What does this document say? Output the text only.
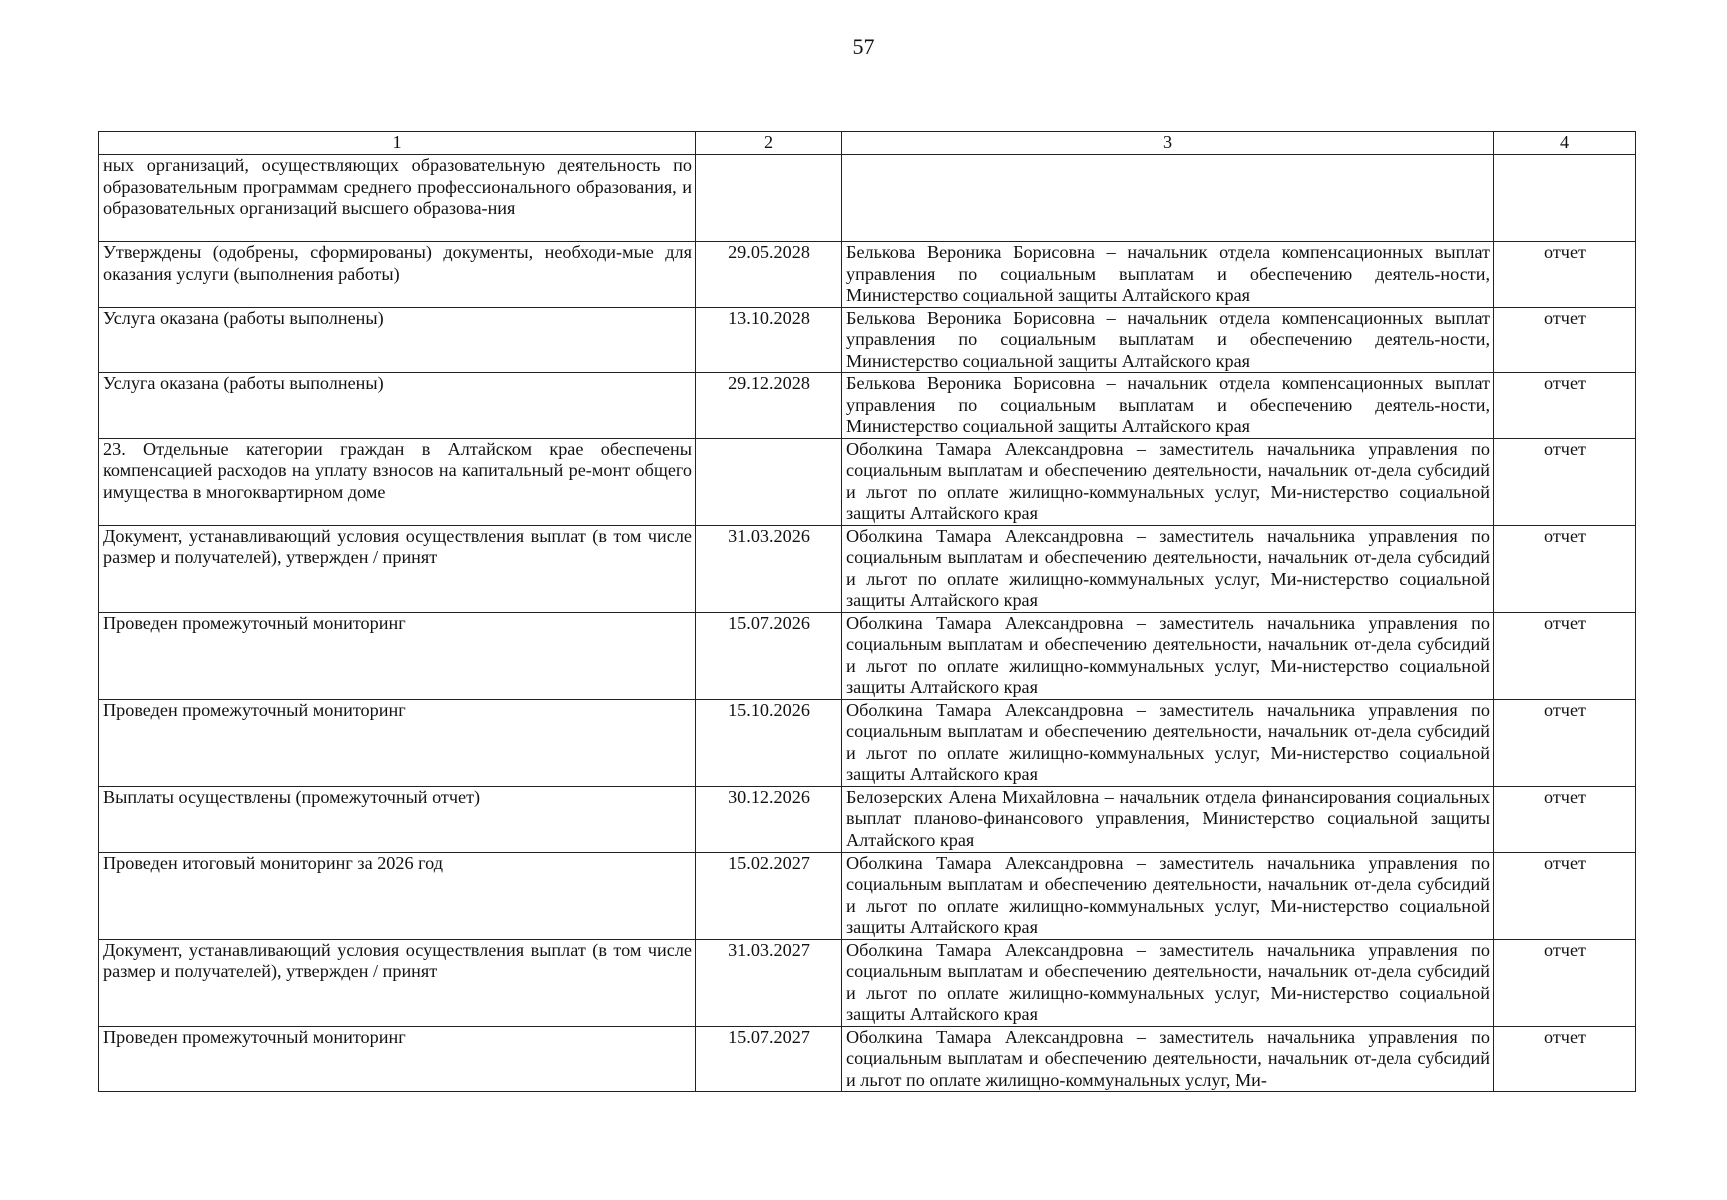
57
1	2	3	4
ных организаций, осуществляющих образовательную деятельность по образовательным программам среднего профессионального образования, и образовательных организаций высшего образова-ния			
Утверждены (одобрены, сформированы) документы, необходи-мые для оказания услуги (выполнения работы)	29.05.2028	Белькова Вероника Борисовна – начальник отдела компенсационных выплат управления по социальным выплатам и обеспечению деятель-ности, Министерство социальной защиты Алтайского края	отчет
Услуга оказана (работы выполнены)	13.10.2028	Белькова Вероника Борисовна – начальник отдела компенсационных выплат управления по социальным выплатам и обеспечению деятель-ности, Министерство социальной защиты Алтайского края	отчет
Услуга оказана (работы выполнены)	29.12.2028	Белькова Вероника Борисовна – начальник отдела компенсационных выплат управления по социальным выплатам и обеспечению деятель-ности, Министерство социальной защиты Алтайского края	отчет
23. Отдельные категории граждан в Алтайском крае обеспечены компенсацией расходов на уплату взносов на капитальный ре-монт общего имущества в многоквартирном доме		Оболкина Тамара Александровна – заместитель начальника управления по социальным выплатам и обеспечению деятельности, начальник от-дела субсидий и льгот по оплате жилищно-коммунальных услуг, Ми-нистерство социальной защиты Алтайского края	отчет
Документ, устанавливающий условия осуществления выплат (в том числе размер и получателей), утвержден / принят	31.03.2026	Оболкина Тамара Александровна – заместитель начальника управления по социальным выплатам и обеспечению деятельности, начальник от-дела субсидий и льгот по оплате жилищно-коммунальных услуг, Ми-нистерство социальной защиты Алтайского края	отчет
Проведен промежуточный мониторинг	15.07.2026	Оболкина Тамара Александровна – заместитель начальника управления по социальным выплатам и обеспечению деятельности, начальник от-дела субсидий и льгот по оплате жилищно-коммунальных услуг, Ми-нистерство социальной защиты Алтайского края	отчет
Проведен промежуточный мониторинг	15.10.2026	Оболкина Тамара Александровна – заместитель начальника управления по социальным выплатам и обеспечению деятельности, начальник от-дела субсидий и льгот по оплате жилищно-коммунальных услуг, Ми-нистерство социальной защиты Алтайского края	отчет
Выплаты осуществлены (промежуточный отчет)	30.12.2026	Белозерских Алена Михайловна – начальник отдела финансирования социальных выплат планово-финансового управления, Министерство социальной защиты Алтайского края	отчет
Проведен итоговый мониторинг за 2026 год	15.02.2027	Оболкина Тамара Александровна – заместитель начальника управления по социальным выплатам и обеспечению деятельности, начальник от-дела субсидий и льгот по оплате жилищно-коммунальных услуг, Ми-нистерство социальной защиты Алтайского края	отчет
Документ, устанавливающий условия осуществления выплат (в том числе размер и получателей), утвержден / принят	31.03.2027	Оболкина Тамара Александровна – заместитель начальника управления по социальным выплатам и обеспечению деятельности, начальник от-дела субсидий и льгот по оплате жилищно-коммунальных услуг, Ми-нистерство социальной защиты Алтайского края	отчет
Проведен промежуточный мониторинг	15.07.2027	Оболкина Тамара Александровна – заместитель начальника управления по социальным выплатам и обеспечению деятельности, начальник от-дела субсидий и льгот по оплате жилищно-коммунальных услуг, Ми-	отчет
